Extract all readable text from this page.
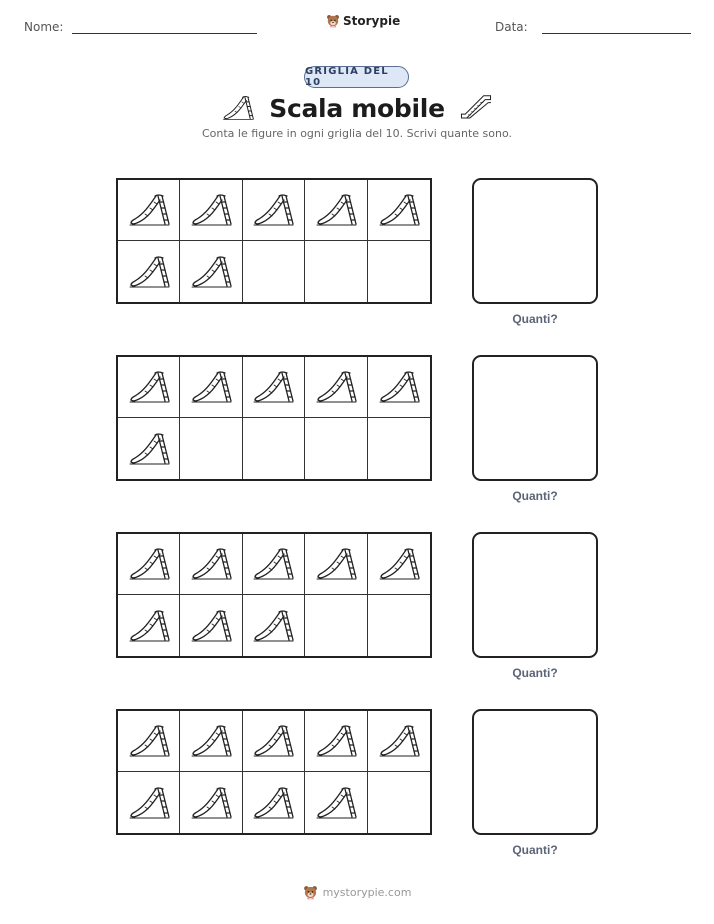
Nome:	Storypie	Data:
GRIGLIA DEL 10
Scala mobile
Conta le figure in ogni griglia del 10. Scrivi quante sono.
Quanti?
Quanti?
Quanti?
Quanti?
mystorypie.com
